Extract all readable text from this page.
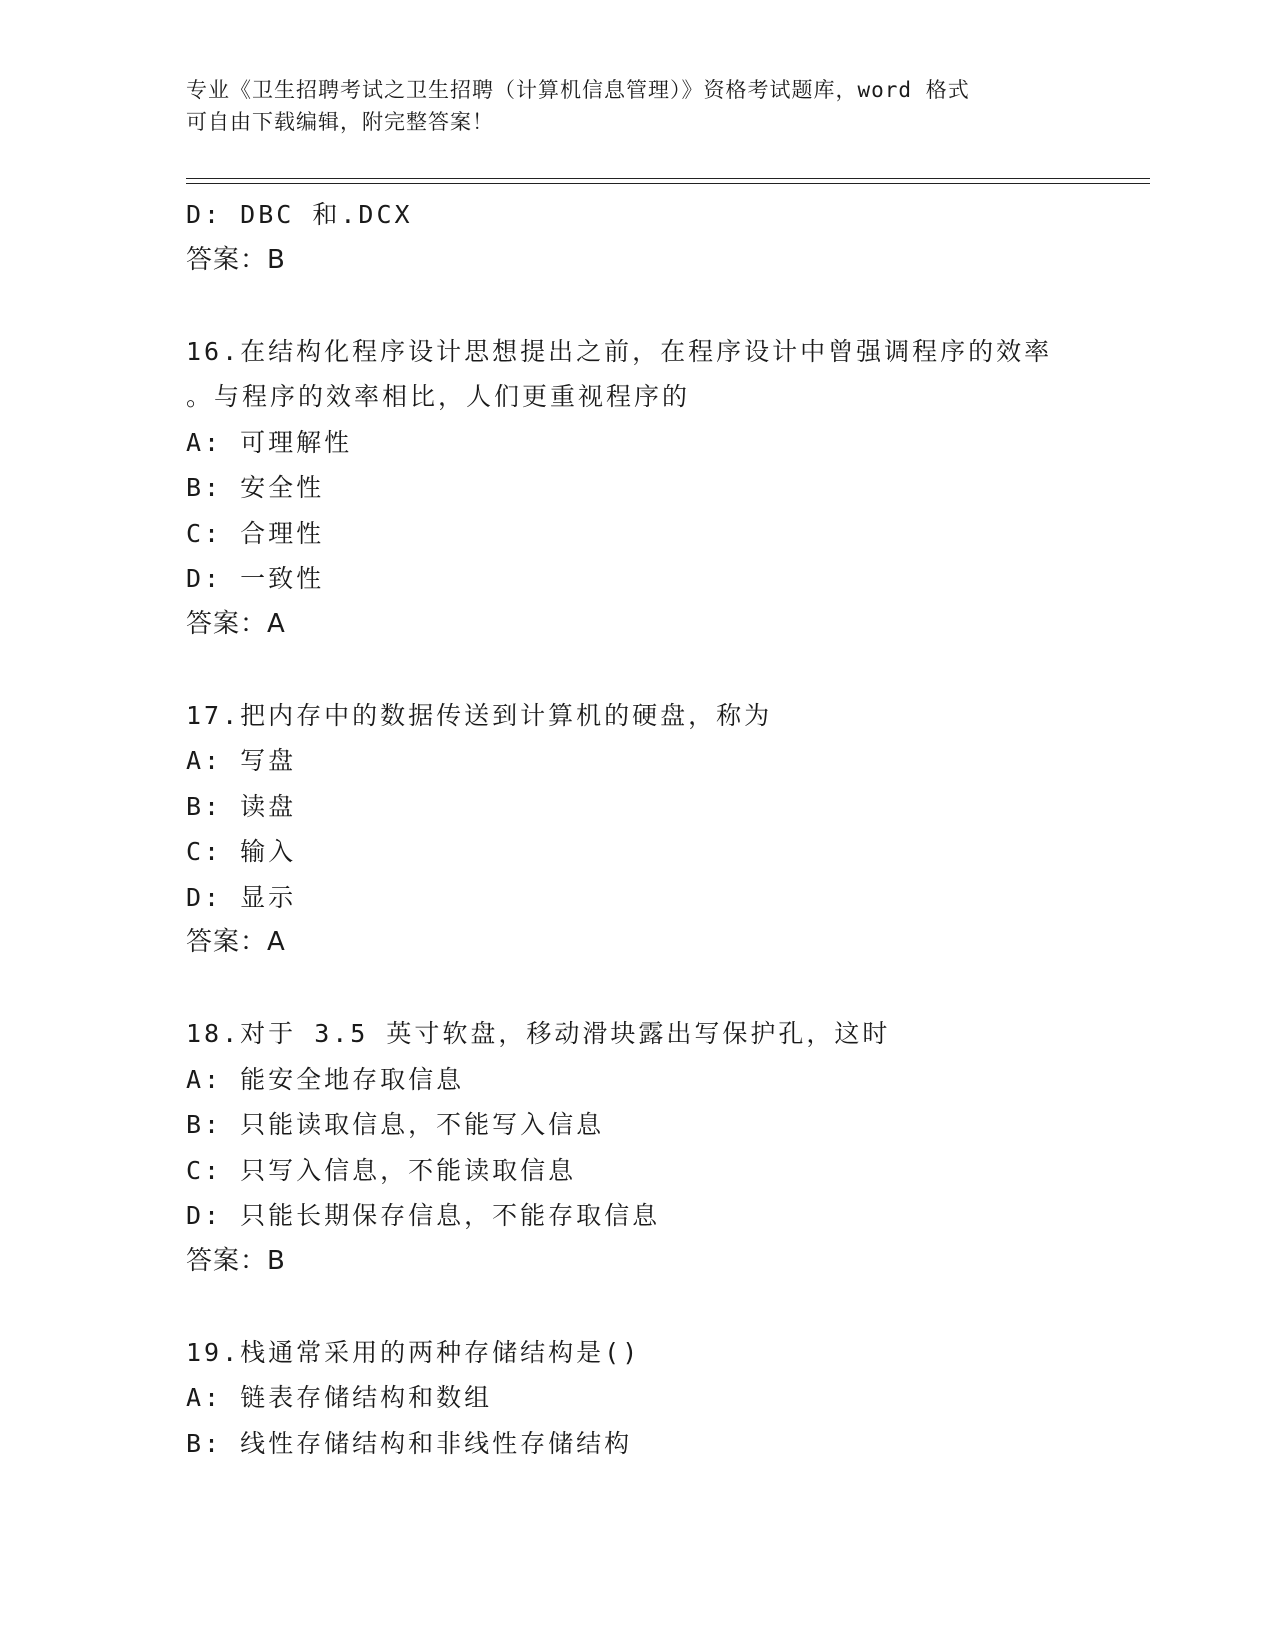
专业《卫生招聘考试之卫生招聘（计算机信息管理）》资格考试题库，word 格式
可自由下载编辑，附完整答案！
D: DBC 和.DCX
答案：B
16.在结构化程序设计思想提出之前，在程序设计中曾强调程序的效率
。与程序的效率相比，人们更重视程序的
A: 可理解性
B: 安全性
C: 合理性
D: 一致性
答案：A
17.把内存中的数据传送到计算机的硬盘，称为
A: 写盘
B: 读盘
C: 输入
D: 显示
答案：A
18.对于 3.5 英寸软盘，移动滑块露出写保护孔，这时
A: 能安全地存取信息
B: 只能读取信息，不能写入信息
C: 只写入信息，不能读取信息
D: 只能长期保存信息，不能存取信息
答案：B
19.栈通常采用的两种存储结构是()
A: 链表存储结构和数组
B: 线性存储结构和非线性存储结构
